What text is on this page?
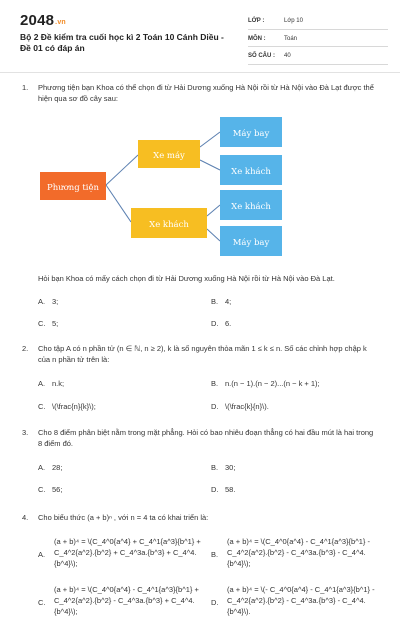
2048.vn
Bộ 2 Đề kiểm tra cuối học kì 2 Toán 10 Cánh Diều - Đề 01 có đáp án
LỚP :	Lớp 10
MÔN :	Toán
SỐ CÂU :	40
1.	Phương tiện bạn Khoa có thể chọn đi từ Hải Dương xuống Hà Nội rồi từ Hà Nội vào Đà Lạt được thể hiện qua sơ đồ cây sau:
Phương tiện
Xe máy
Xe khách
Máy bay
Xe khách
Xe khách
Máy bay
Hỏi bạn Khoa có mấy cách chọn đi từ Hải Dương xuống Hà Nội rồi từ Hà Nội vào Đà Lạt.
A. 3;	B. 4;
C. 5;	D. 6.
2.	Cho tập A có n phần tử (n ∈ ℕ, n ≥ 2), k là số nguyên thỏa mãn 1 ≤ k ≤ n. Số các chỉnh hợp chập k của n phần tử trên là:
A. n.k;	B. n.(n − 1).(n − 2)...(n − k + 1);
C. \(\frac{n}{k}\);	D. \(\frac{k}{n}\).
3.	Cho 8 điểm phân biệt nằm trong mặt phẳng. Hỏi có bao nhiêu đoạn thẳng có hai đầu mút là hai trong 8 điểm đó.
A. 28;	B. 30;
C. 56;	D. 58.
4.	Cho biểu thức (a + b)ⁿ , với n = 4 ta có khai triển là:
A.
(a + b)⁴ = \(C_4^0{a^4} + C_4^1{a^3}{b^1} + C_4^2{a^2}.{b^2} + C_4^3a.{b^3} + C_4^4.{b^4}\);
B.
(a + b)⁴ = \(C_4^0{a^4} - C_4^1{a^3}{b^1} - C_4^2{a^2}.{b^2} - C_4^3a.{b^3} - C_4^4.{b^4}\);
C.
(a + b)⁴ = \(C_4^0{a^4} - C_4^1{a^3}{b^1} + C_4^2{a^2}.{b^2} - C_4^3a.{b^3} + C_4^4.{b^4}\);
D.
(a + b)⁴ = \(- C_4^0{a^4} - C_4^1{a^3}{b^1} - C_4^2{a^2}.{b^2} - C_4^3a.{b^3} - C_4^4.{b^4}\).
